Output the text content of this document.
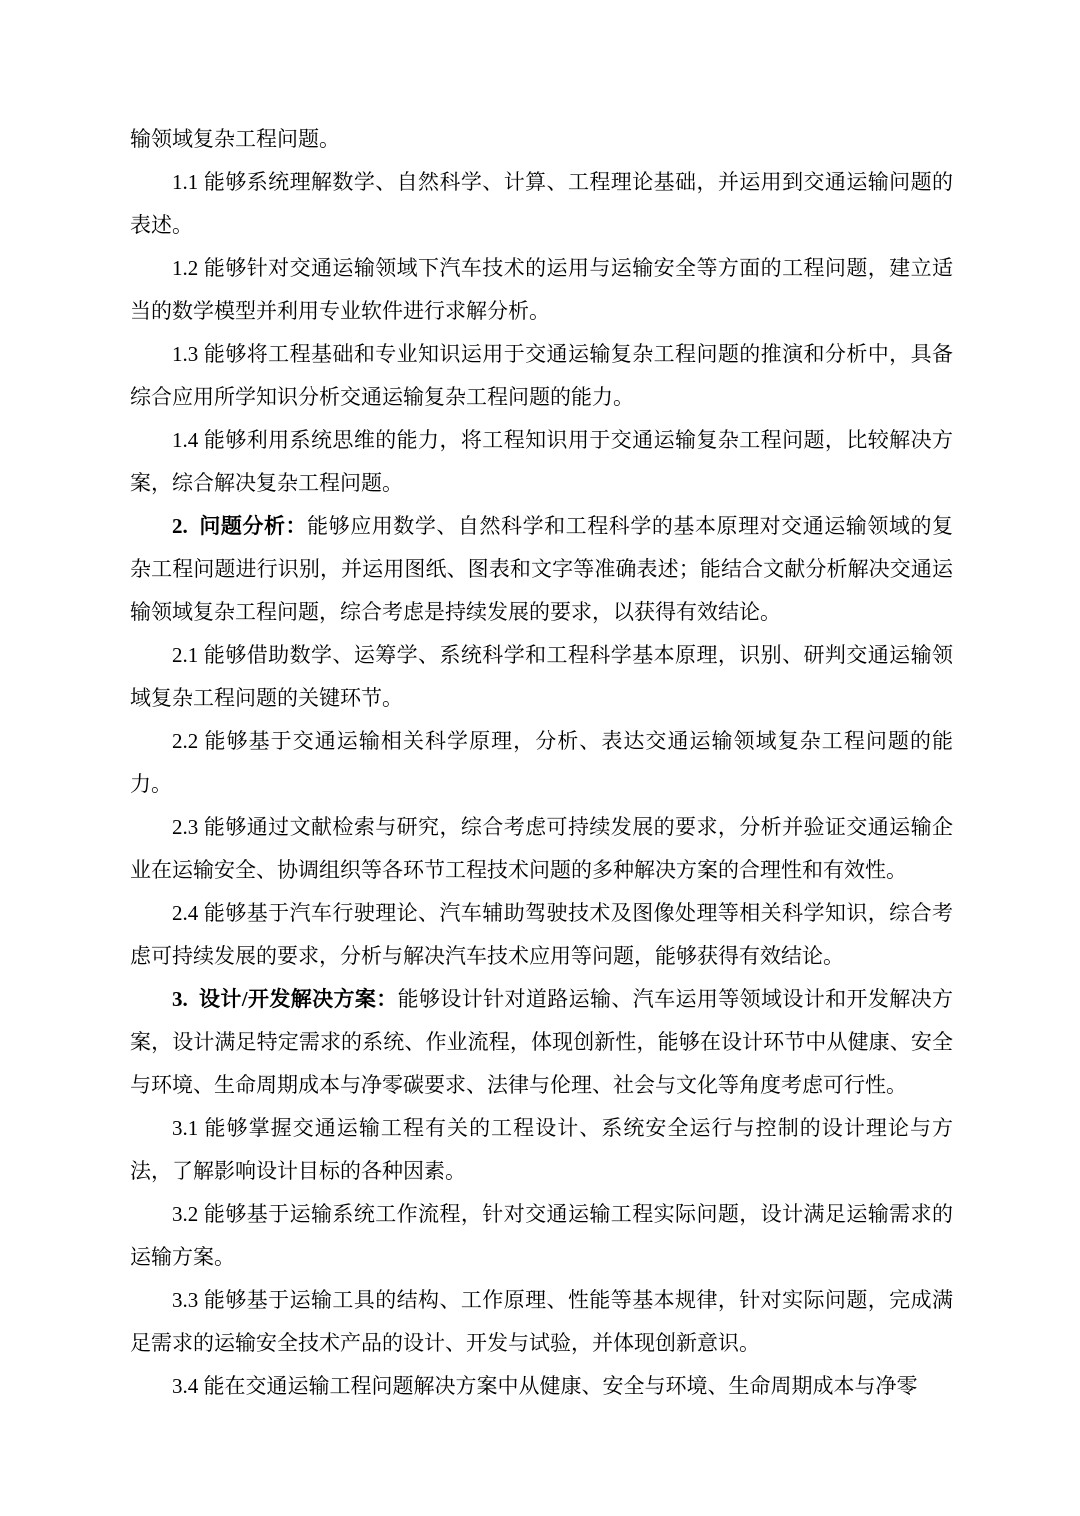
输领域复杂工程问题。

1.1 能够系统理解数学、自然科学、计算、工程理论基础，并运用到交通运输问题的表述。

1.2 能够针对交通运输领域下汽车技术的运用与运输安全等方面的工程问题，建立适当的数学模型并利用专业软件进行求解分析。

1.3 能够将工程基础和专业知识运用于交通运输复杂工程问题的推演和分析中，具备综合应用所学知识分析交通运输复杂工程问题的能力。

1.4 能够利用系统思维的能力，将工程知识用于交通运输复杂工程问题，比较解决方案，综合解决复杂工程问题。

2.  问题分析：能够应用数学、自然科学和工程科学的基本原理对交通运输领域的复杂工程问题进行识别，并运用图纸、图表和文字等准确表述；能结合文献分析解决交通运输领域复杂工程问题，综合考虑是持续发展的要求，以获得有效结论。

2.1 能够借助数学、运筹学、系统科学和工程科学基本原理，识别、研判交通运输领域复杂工程问题的关键环节。

2.2 能够基于交通运输相关科学原理，分析、表达交通运输领域复杂工程问题的能力。

2.3 能够通过文献检索与研究，综合考虑可持续发展的要求，分析并验证交通运输企业在运输安全、协调组织等各环节工程技术问题的多种解决方案的合理性和有效性。

2.4 能够基于汽车行驶理论、汽车辅助驾驶技术及图像处理等相关科学知识，综合考虑可持续发展的要求，分析与解决汽车技术应用等问题，能够获得有效结论。

3.  设计/开发解决方案：能够设计针对道路运输、汽车运用等领域设计和开发解决方案，设计满足特定需求的系统、作业流程，体现创新性，能够在设计环节中从健康、安全与环境、生命周期成本与净零碳要求、法律与伦理、社会与文化等角度考虑可行性。

3.1 能够掌握交通运输工程有关的工程设计、系统安全运行与控制的设计理论与方法，了解影响设计目标的各种因素。

3.2 能够基于运输系统工作流程，针对交通运输工程实际问题，设计满足运输需求的运输方案。

3.3 能够基于运输工具的结构、工作原理、性能等基本规律，针对实际问题，完成满足需求的运输安全技术产品的设计、开发与试验，并体现创新意识。

3.4 能在交通运输工程问题解决方案中从健康、安全与环境、生命周期成本与净零
